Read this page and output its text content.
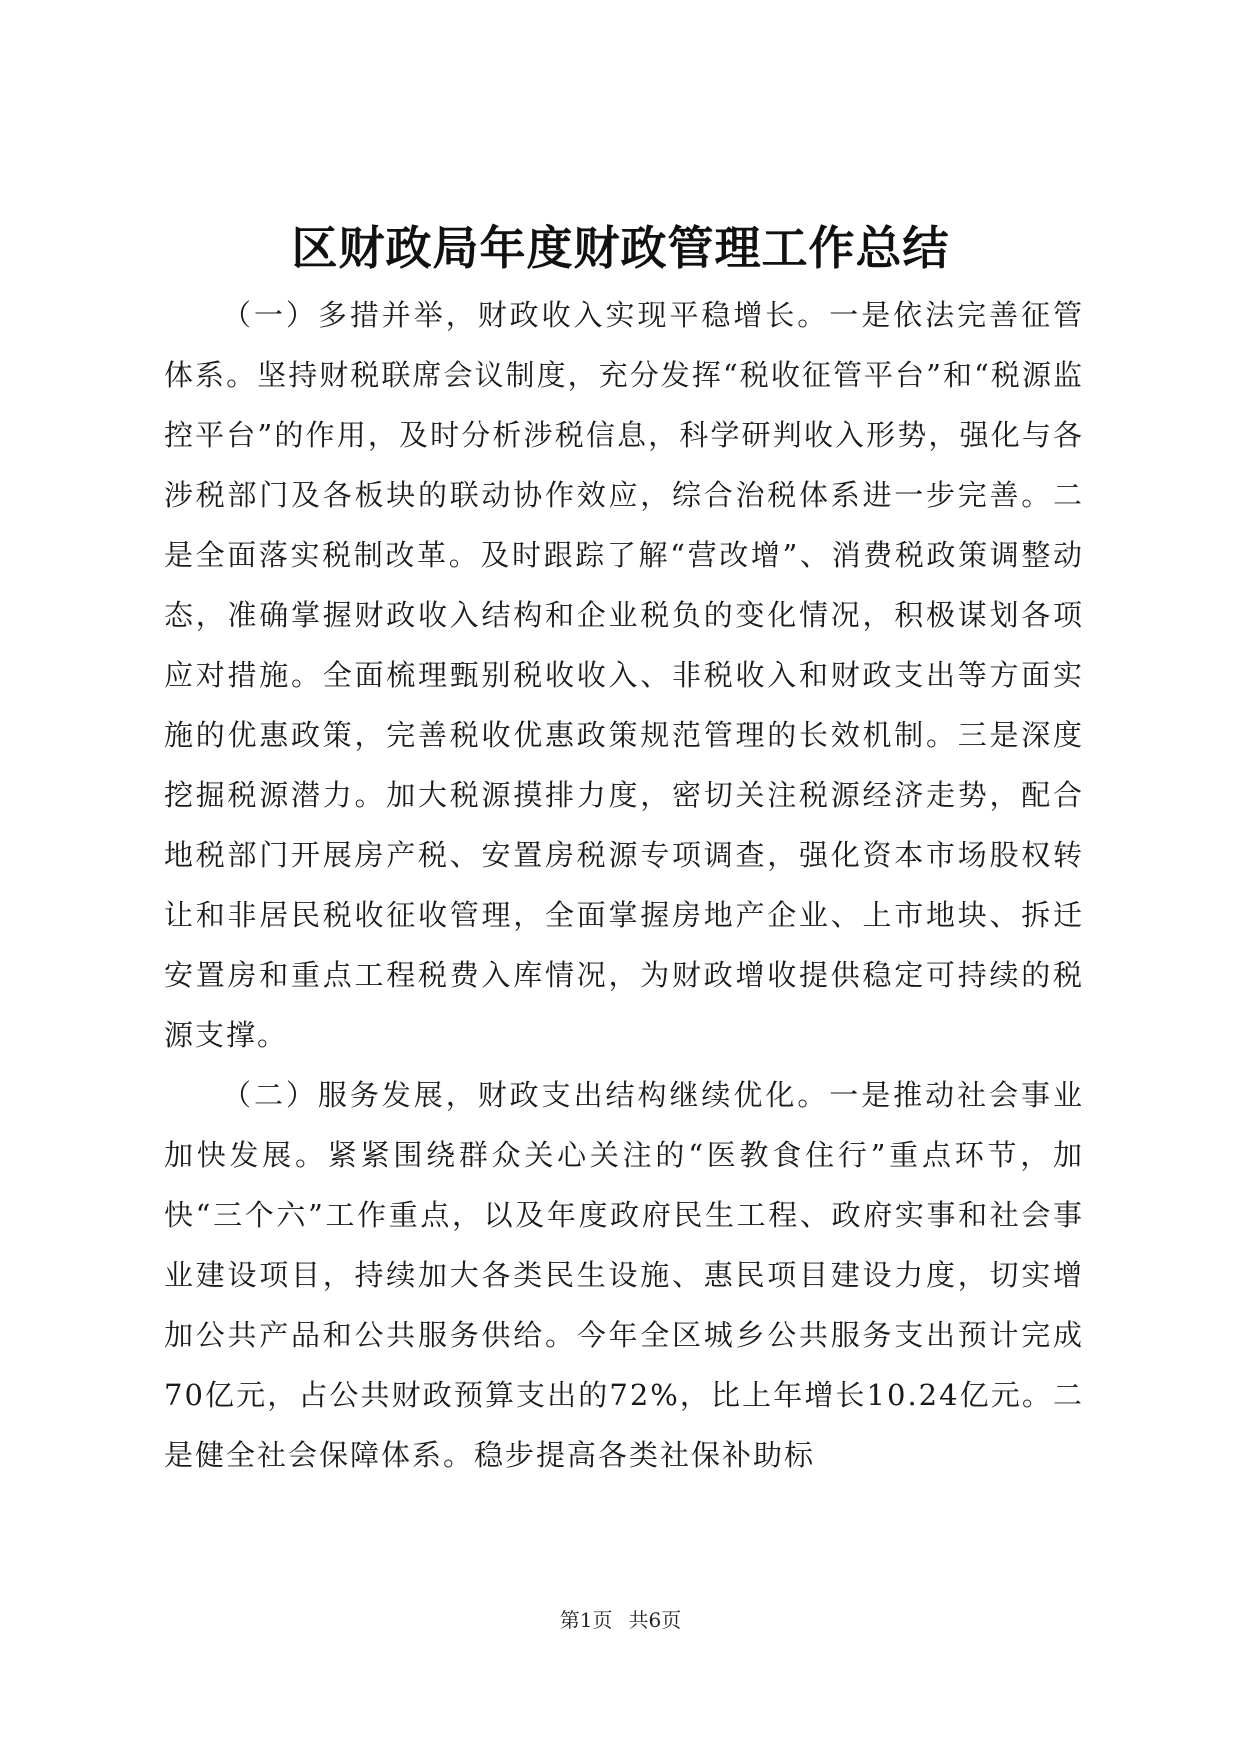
区财政局年度财政管理工作总结

（一）多措并举，财政收入实现平稳增长。一是依法完善征管体系。坚持财税联席会议制度，充分发挥“税收征管平台”和“税源监控平台”的作用，及时分析涉税信息，科学研判收入形势，强化与各涉税部门及各板块的联动协作效应，综合治税体系进一步完善。二是全面落实税制改革。及时跟踪了解“营改增”、消费税政策调整动态，准确掌握财政收入结构和企业税负的变化情况，积极谋划各项应对措施。全面梳理甄别税收收入、非税收入和财政支出等方面实施的优惠政策，完善税收优惠政策规范管理的长效机制。三是深度挖掘税源潜力。加大税源摸排力度，密切关注税源经济走势，配合地税部门开展房产税、安置房税源专项调查，强化资本市场股权转让和非居民税收征收管理，全面掌握房地产企业、上市地块、拆迁安置房和重点工程税费入库情况，为财政增收提供稳定可持续的税源支撑。

（二）服务发展，财政支出结构继续优化。一是推动社会事业加快发展。紧紧围绕群众关心关注的“医教食住行”重点环节，加快“三个六”工作重点，以及年度政府民生工程、政府实事和社会事业建设项目，持续加大各类民生设施、惠民项目建设力度，切实增加公共产品和公共服务供给。今年全区城乡公共服务支出预计完成70亿元，占公共财政预算支出的72%，比上年增长10.24亿元。二是健全社会保障体系。稳步提高各类社保补助标

第1页 共6页
